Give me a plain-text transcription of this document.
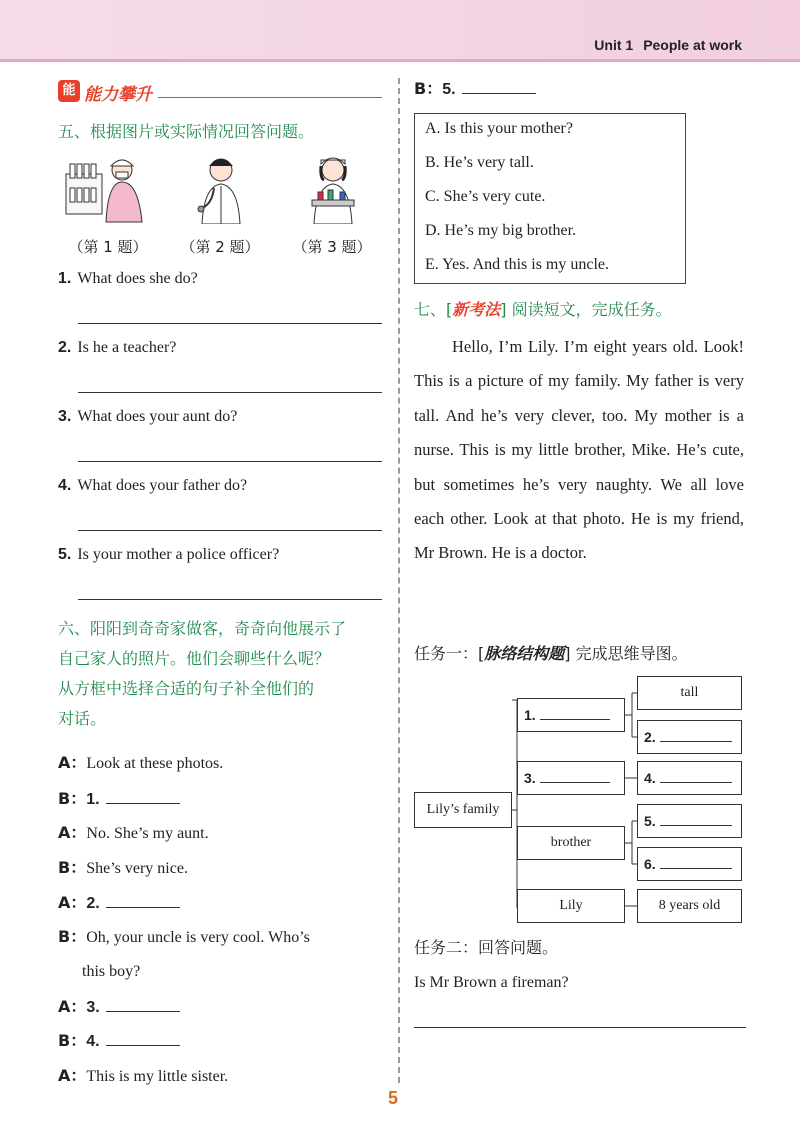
Unit 1 People at work
能 能力攀升
五、根据图片或实际情况回答问题。
（第 1 题）	（第 2 题）	（第 3 题）
1. What does she do?
2. Is he a teacher?
3. What does your aunt do?
4. What does your father do?
5. Is your mother a police officer?
六、阳阳到奇奇家做客，奇奇向他展示了
自己家人的照片。他们会聊些什么呢？
从方框中选择合适的句子补全他们的
对话。
A：Look at these photos.
B：1.
A：No. She’s my aunt.
B：She’s very nice.
A：2.
B：Oh, your uncle is very cool. Who’s
this boy?
A：3.
B：4.
A：This is my little sister.
B：5.
A. Is this your mother?
B. He’s very tall.
C. She’s very cute.
D. He’s my big brother.
E. Yes. And this is my uncle.
七、[新考法] 阅读短文，完成任务。
Hello, I’m Lily. I’m eight years old. Look! This is a picture of my family. My father is very tall. And he’s very clever, too. My mother is a nurse. This is my little brother, Mike. He’s cute, but sometimes he’s very naughty. We all love each other. Look at that photo. He is my friend, Mr Brown. He is a doctor.
任务一：[脉络结构题] 完成思维导图。
Lily’s family
1.
3.
brother
Lily
tall
2.
4.
5.
6.
8 years old
任务二：回答问题。
Is Mr Brown a fireman?
5
